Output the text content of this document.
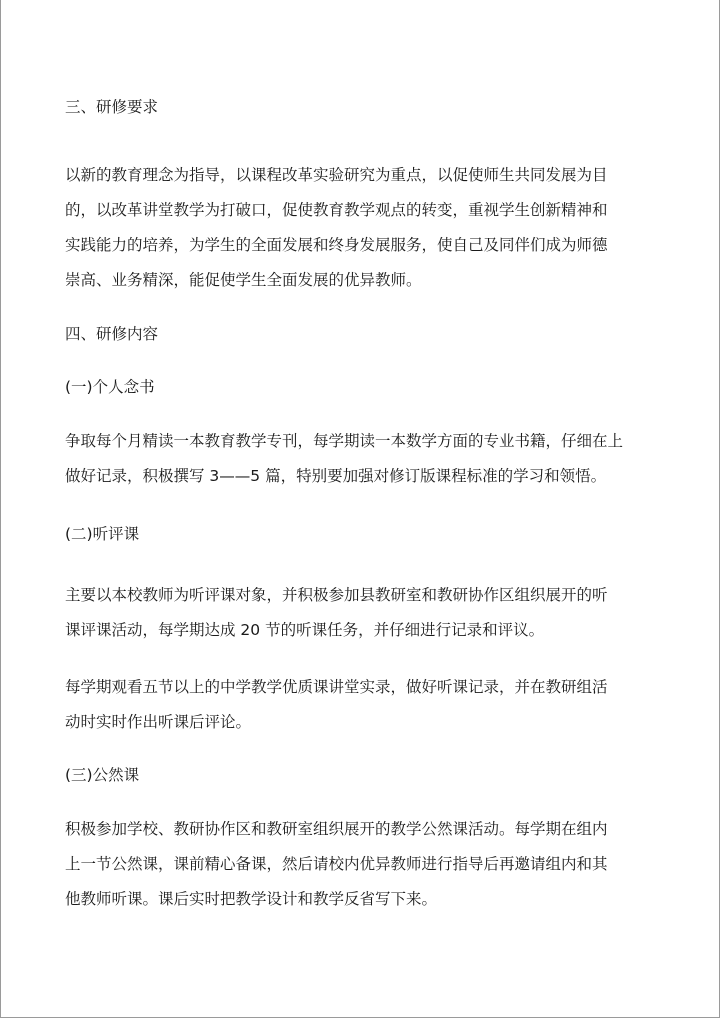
三、研修要求

以新的教育理念为指导，以课程改革实验研究为重点，以促使师生共同发展为目
的，以改革讲堂教学为打破口，促使教育教学观点的转变，重视学生创新精神和
实践能力的培养，为学生的全面发展和终身发展服务，使自己及同伴们成为师德
崇高、业务精深，能促使学生全面发展的优异教师。

四、研修内容

(一)个人念书

争取每个月精读一本教育教学专刊，每学期读一本数学方面的专业书籍，仔细在上
做好记录，积极撰写 3——5 篇，特别要加强对修订版课程标准的学习和领悟。

(二)听评课

主要以本校教师为听评课对象，并积极参加县教研室和教研协作区组织展开的听
课评课活动，每学期达成 20 节的听课任务，并仔细进行记录和评议。

每学期观看五节以上的中学教学优质课讲堂实录，做好听课记录，并在教研组活
动时实时作出听课后评论。

(三)公然课

积极参加学校、教研协作区和教研室组织展开的教学公然课活动。每学期在组内
上一节公然课，课前精心备课，然后请校内优异教师进行指导后再邀请组内和其
他教师听课。课后实时把教学设计和教学反省写下来。
